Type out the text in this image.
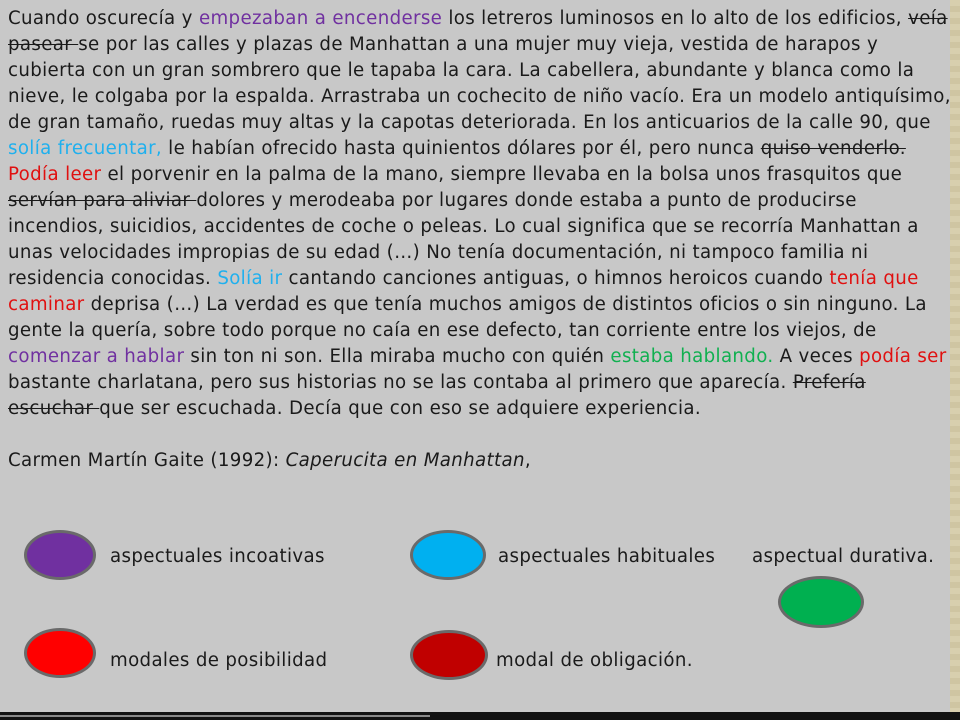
Cuando oscurecía y empezaban a encenderse los letreros luminosos en lo alto de los edificios, veía pasear se por las calles y plazas de Manhattan a una mujer muy vieja, vestida de harapos y cubierta con un gran sombrero que le tapaba la cara. La cabellera, abundante y blanca como la nieve, le colgaba por la espalda. Arrastraba un cochecito de niño vacío. Era un modelo antiquísimo, de gran tamaño, ruedas muy altas y la capotas deteriorada. En los anticuarios de la calle 90, que solía frecuentar, le habían ofrecido hasta quinientos dólares por él, pero nunca quiso venderlo.

Podía leer el porvenir en la palma de la mano, siempre llevaba en la bolsa unos frasquitos que servían para aliviar dolores y merodeaba por lugares donde estaba a punto de producirse incendios, suicidios, accidentes de coche o peleas. Lo cual significa que se recorría Manhattan a unas velocidades impropias de su edad (…) No tenía documentación, ni tampoco familia ni residencia conocidas. Solía ir cantando canciones antiguas, o himnos heroicos cuando tenía que caminar deprisa (…) La verdad es que tenía muchos amigos de distintos oficios o sin ninguno. La gente la quería, sobre todo porque no caía en ese defecto, tan corriente entre los viejos, de comenzar a hablar sin ton ni son. Ella miraba mucho con quién estaba hablando. A veces podía ser bastante charlatana, pero sus historias no se las contaba al primero que aparecía. Prefería escuchar que ser escuchada. Decía que con eso se adquiere experiencia.

Carmen Martín Gaite (1992): Caperucita en Manhattan,

aspectuales incoativas	aspectuales habituales aspectual durativa.
modales de posibilidad	modal de obligación.
